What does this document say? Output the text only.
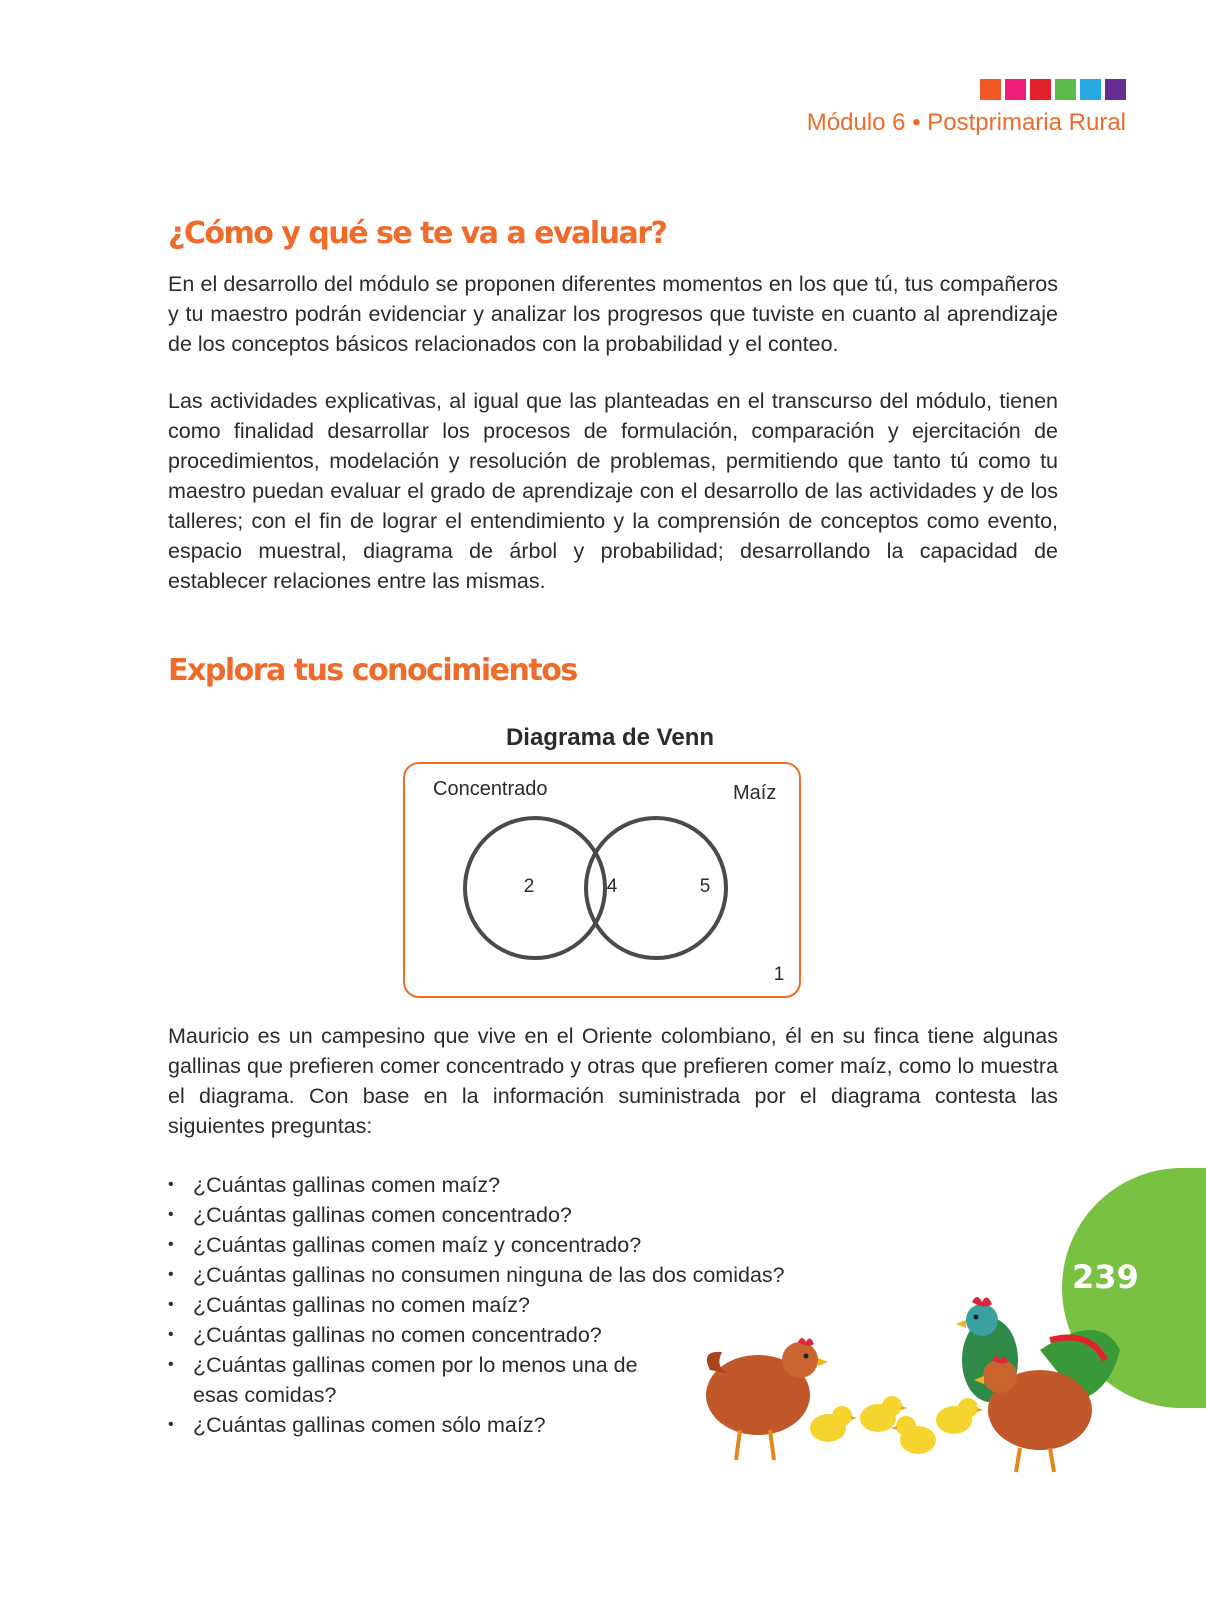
Módulo 6 • Postprimaria Rural
¿Cómo y qué se te va a evaluar?

En el desarrollo del módulo se proponen diferentes momentos en los que tú, tus compañeros y tu maestro podrán evidenciar y analizar los progresos que tuviste en cuanto al aprendizaje de los conceptos básicos relacionados con la probabilidad y el conteo.

Las actividades explicativas, al igual que las planteadas en el transcurso del módulo, tienen como finalidad desarrollar los procesos de formulación, comparación y ejercitación de procedimientos, modelación y resolución de problemas, permitiendo que tanto tú como tu maestro puedan evaluar el grado de aprendizaje con el desarrollo de las actividades y de los talleres; con el fin de lograr el entendimiento y la comprensión de conceptos como evento, espacio muestral, diagrama de árbol y probabilidad; desarrollando la capacidad de establecer relaciones entre las mismas.

Explora tus conocimientos
Diagrama de Venn
Concentrado	Maíz
2	4	5
1

Mauricio es un campesino que vive en el Oriente colombiano, él en su finca tiene algunas gallinas que prefieren comer concentrado y otras que prefieren comer maíz, como lo muestra el diagrama. Con base en la información suministrada por el diagrama contesta las siguientes preguntas:

• ¿Cuántas gallinas comen maíz?
• ¿Cuántas gallinas comen concentrado?
• ¿Cuántas gallinas comen maíz y concentrado?
• ¿Cuántas gallinas no consumen ninguna de las dos comidas?
• ¿Cuántas gallinas no comen maíz?
• ¿Cuántas gallinas no comen concentrado?
• ¿Cuántas gallinas comen por lo menos una de esas comidas?
• ¿Cuántas gallinas comen sólo maíz?
239
